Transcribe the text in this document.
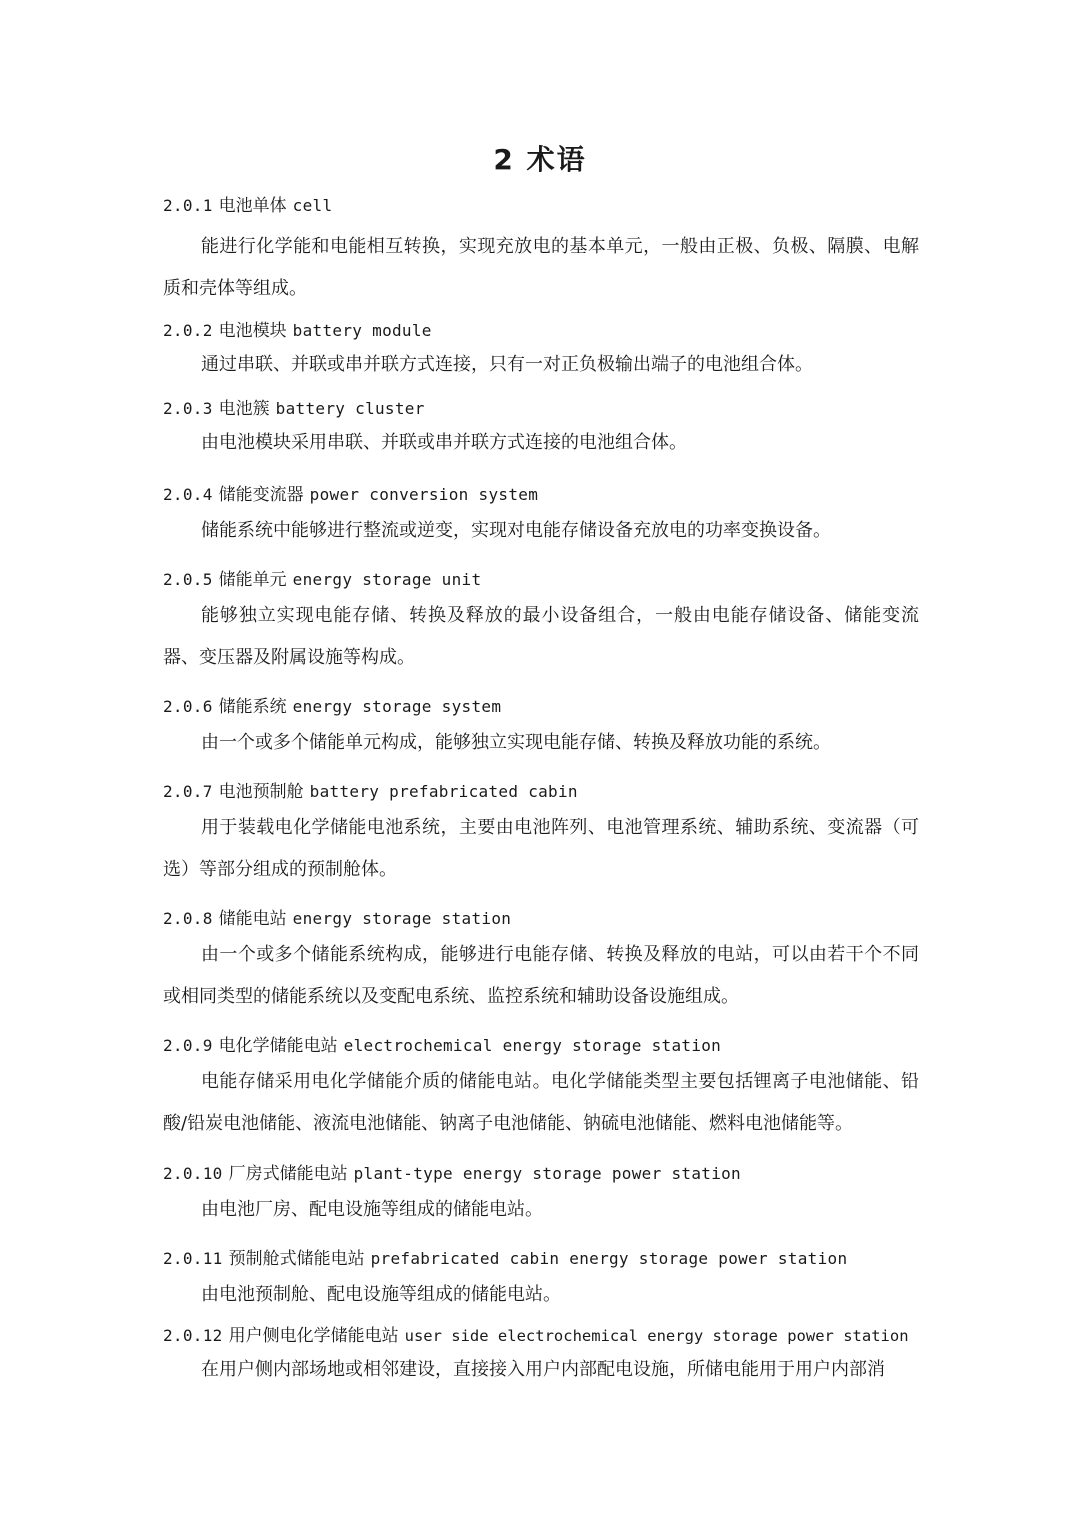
2 术语
2.0.1 电池单体 cell
能进行化学能和电能相互转换，实现充放电的基本单元，一般由正极、负极、隔膜、电解质和壳体等组成。
2.0.2 电池模块 battery module
通过串联、并联或串并联方式连接，只有一对正负极输出端子的电池组合体。
2.0.3 电池簇 battery cluster
由电池模块采用串联、并联或串并联方式连接的电池组合体。
2.0.4 储能变流器 power conversion system
储能系统中能够进行整流或逆变，实现对电能存储设备充放电的功率变换设备。
2.0.5 储能单元 energy storage unit
能够独立实现电能存储、转换及释放的最小设备组合，一般由电能存储设备、储能变流器、变压器及附属设施等构成。
2.0.6 储能系统 energy storage system
由一个或多个储能单元构成，能够独立实现电能存储、转换及释放功能的系统。
2.0.7 电池预制舱 battery prefabricated cabin
用于装载电化学储能电池系统，主要由电池阵列、电池管理系统、辅助系统、变流器（可选）等部分组成的预制舱体。
2.0.8 储能电站 energy storage station
由一个或多个储能系统构成，能够进行电能存储、转换及释放的电站，可以由若干个不同或相同类型的储能系统以及变配电系统、监控系统和辅助设备设施组成。
2.0.9 电化学储能电站 electrochemical energy storage station
电能存储采用电化学储能介质的储能电站。电化学储能类型主要包括锂离子电池储能、铅酸/铅炭电池储能、液流电池储能、钠离子电池储能、钠硫电池储能、燃料电池储能等。
2.0.10 厂房式储能电站 plant-type energy storage power station
由电池厂房、配电设施等组成的储能电站。
2.0.11 预制舱式储能电站 prefabricated cabin energy storage power station
由电池预制舱、配电设施等组成的储能电站。
2.0.12 用户侧电化学储能电站 user side electrochemical energy storage power station
在用户侧内部场地或相邻建设，直接接入用户内部配电设施，所储电能用于用户内部消
